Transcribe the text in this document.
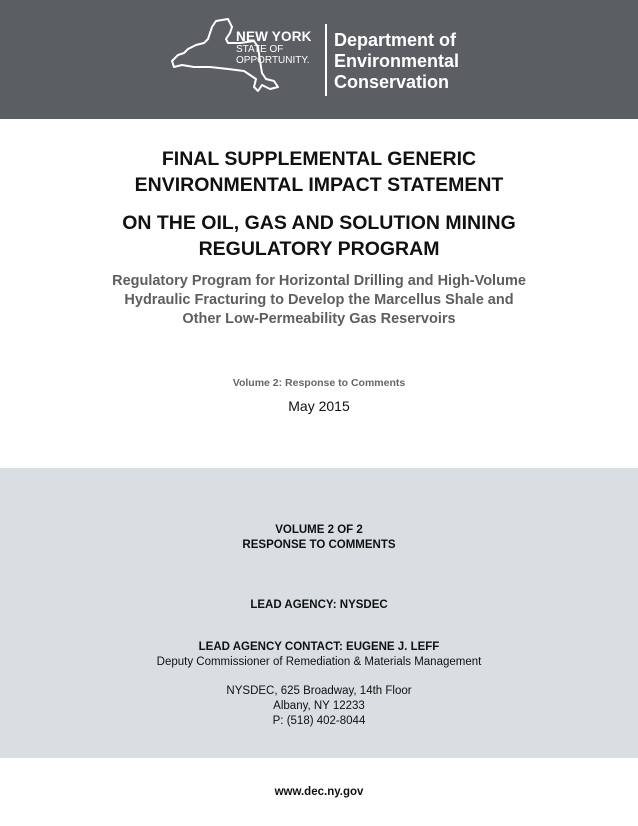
NEW YORK
STATE OF
OPPORTUNITY.
Department of
Environmental
Conservation
FINAL SUPPLEMENTAL GENERIC
ENVIRONMENTAL IMPACT STATEMENT
ON THE OIL, GAS AND SOLUTION MINING
REGULATORY PROGRAM

Regulatory Program for Horizontal Drilling and High-Volume
Hydraulic Fracturing to Develop the Marcellus Shale and
Other Low-Permeability Gas Reservoirs

Volume 2: Response to Comments
May 2015
VOLUME 2 OF 2
RESPONSE TO COMMENTS
LEAD AGENCY: NYSDEC
LEAD AGENCY CONTACT: EUGENE J. LEFF
Deputy Commissioner of Remediation & Materials Management
NYSDEC, 625 Broadway, 14th Floor
Albany, NY 12233
P: (518) 402-8044
www.dec.ny.gov
